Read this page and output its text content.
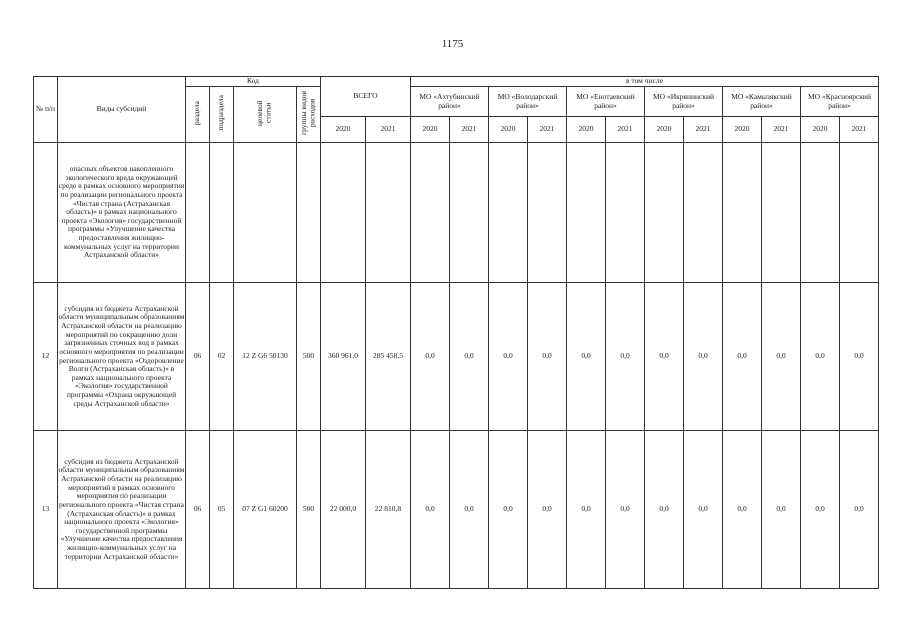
1175
№ п/п	Виды субсидий	Код				ВСЕГО		в том числе											
		раздела	подраздела	целевой статьи	группы видов расходов			МО «Ахтубинский район»		МО «Володарский район»		МО «Енотаевский район»		МО «Икрянинский район»		МО «Камызякский район»		МО «Красноярский район»	
						2020	2021	2020	2021	2020	2021	2020	2021	2020	2021	2020	2021	2020	2021
	опасных объектов накопленного экологического вреда окружающей среде в рамках основного мероприятия по реализации регионального проекта «Чистая страна (Астраханская область)» в рамках национального проекта «Экология» государственной программы «Улучшение качества предоставления жилищно-коммунальных услуг на территории Астраханской области»																		
12	субсидия из бюджета Астраханской области муниципальным образованиям Астраханской области на реализацию мероприятий по сокращению доли загрязненных сточных вод в рамках основного мероприятия по реализации регионального проекта «Оздоровление Волги (Астраханская область)» в рамках национального проекта «Экология» государственной программы «Охрана окружающей среды Астраханской области»	06	02	12 Z G6 50130	500	360 961,0	285 458,5	0,0	0,0	0,0	0,0	0,0	0,0	0,0	0,0	0,0	0,0	0,0	0,0
13	субсидия из бюджета Астраханской области муниципальным образованиям Астраханской области на реализацию мероприятий в рамках основного мероприятия по реализации регионального проекта «Чистая страна (Астраханская область)» в рамках национального проекта «Экология» государственной программы «Улучшение качества предоставления жилищно-коммунальных услуг на территории Астраханской области»	06	05	07 Z G1 60200	500	22 000,0	22 810,8	0,0	0,0	0,0	0,0	0,0	0,0	0,0	0,0	0,0	0,0	0,0	0,0
